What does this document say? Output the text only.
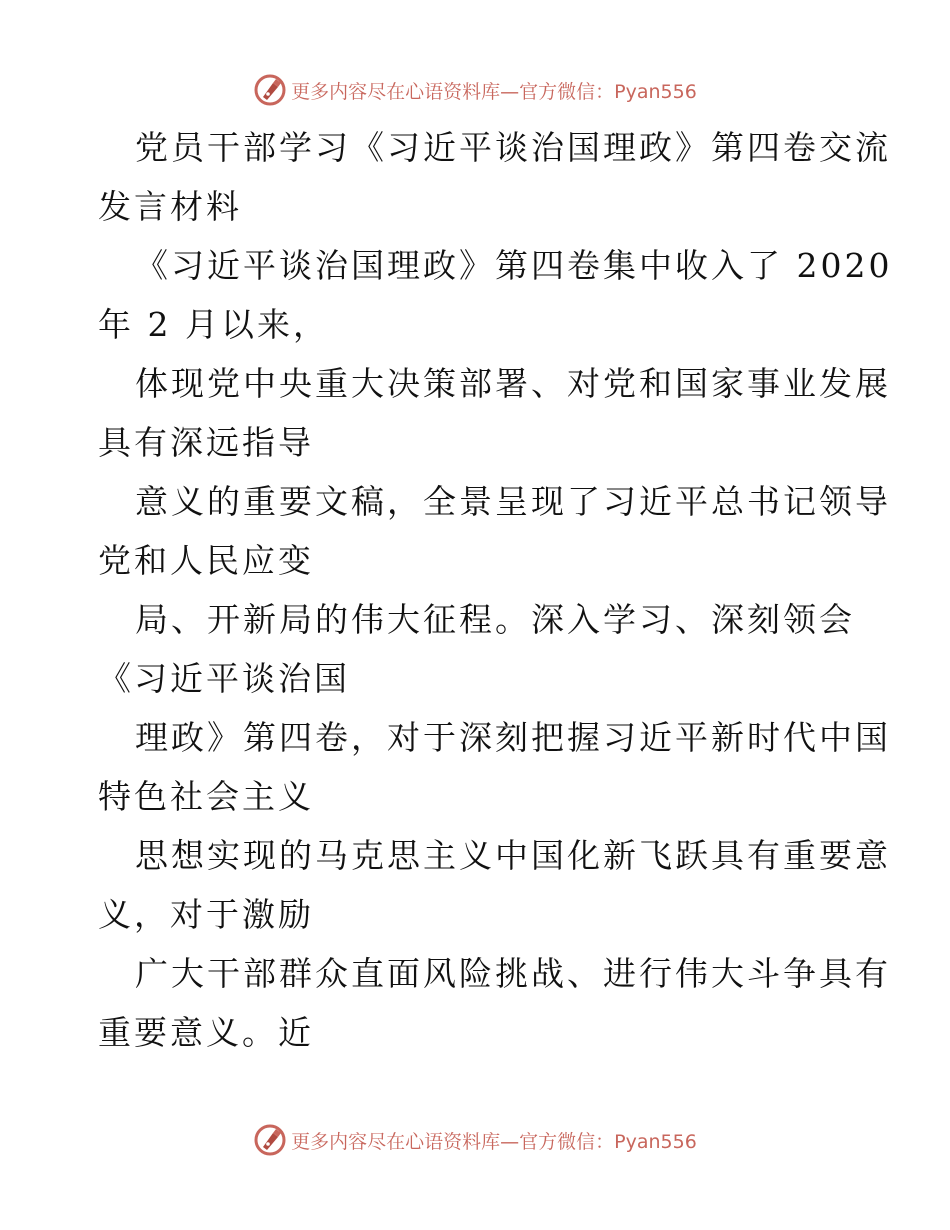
更多内容尽在心语资料库—官方微信：Pyan556
党员干部学习《习近平谈治国理政》第四卷交流
发言材料
《习近平谈治国理政》第四卷集中收入了 2020
年 2 月以来，
体现党中央重大决策部署、对党和国家事业发展
具有深远指导
意义的重要文稿，全景呈现了习近平总书记领导
党和人民应变
局、开新局的伟大征程。深入学习、深刻领会
《习近平谈治国
理政》第四卷，对于深刻把握习近平新时代中国
特色社会主义
思想实现的马克思主义中国化新飞跃具有重要意
义，对于激励
广大干部群众直面风险挑战、进行伟大斗争具有
重要意义。近
更多内容尽在心语资料库—官方微信：Pyan556
